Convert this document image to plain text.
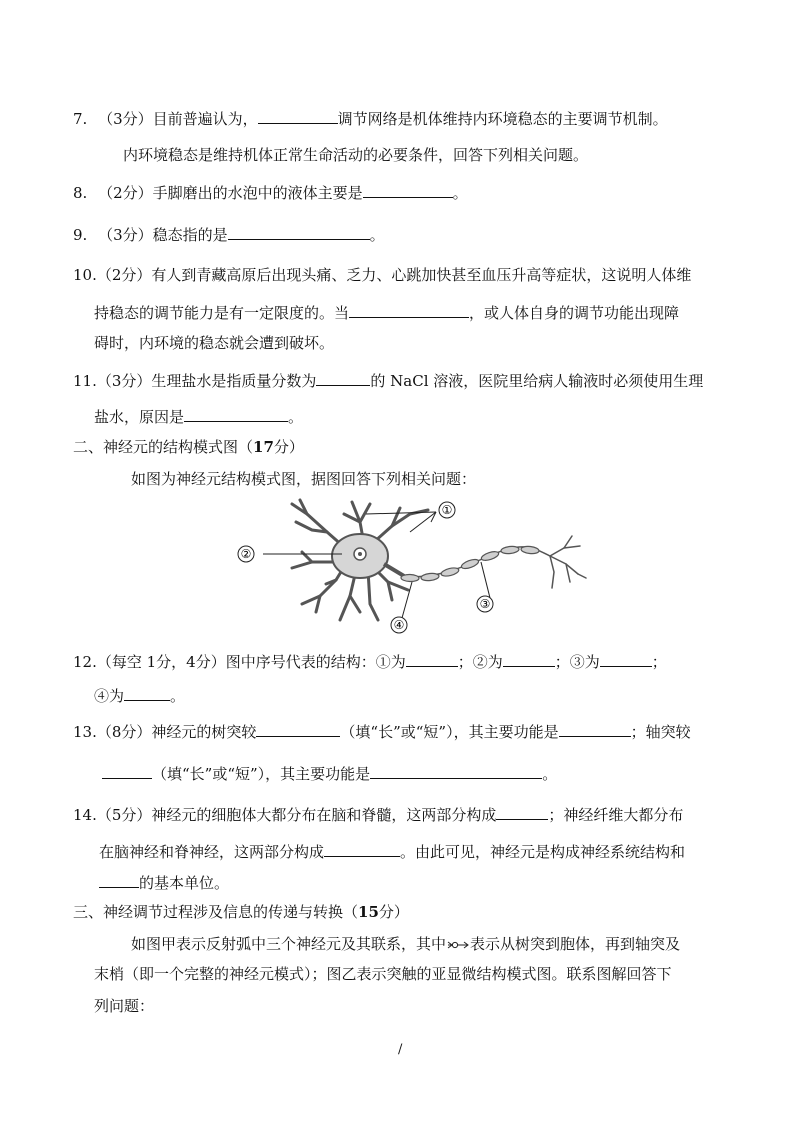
7. （3分）目前普遍认为，	调节网络是机体维持内环境稳态的主要调节机制。
内环境稳态是维持机体正常生命活动的必要条件，回答下列相关问题。
8. （2分）手脚磨出的水泡中的液体主要是	。
9. （3分）稳态指的是	。
10.（2分）有人到青藏高原后出现头痛、乏力、心跳加快甚至血压升高等症状，这说明人体维
持稳态的调节能力是有一定限度的。当	，或人体自身的调节功能出现障
碍时，内环境的稳态就会遭到破坏。
11.（3分）生理盐水是指质量分数为	的 NaCl 溶液，医院里给病人输液时必须使用生理
盐水，原因是	。
二、神经元的结构模式图（17分）
如图为神经元结构模式图，据图回答下列相关问题：
①
②
③
④
12.（每空 1分，4分）图中序号代表的结构：①为	；②为	；③为	；
④为	。
13.（8分）神经元的树突较	（填“长”或“短”），其主要功能是	；轴突较
（填“长”或“短”），其主要功能是	。
14.（5分）神经元的细胞体大都分布在脑和脊髓，这两部分构成	；神经纤维大都分布
在脑神经和脊神经，这两部分构成	。由此可见，神经元是构成神经系统结构和
的基本单位。
三、神经调节过程涉及信息的传递与转换（15分）
如图甲表示反射弧中三个神经元及其联系，其中 表示从树突到胞体，再到轴突及
末梢（即一个完整的神经元模式）；图乙表示突触的亚显微结构模式图。联系图解回答下
列问题：
/
